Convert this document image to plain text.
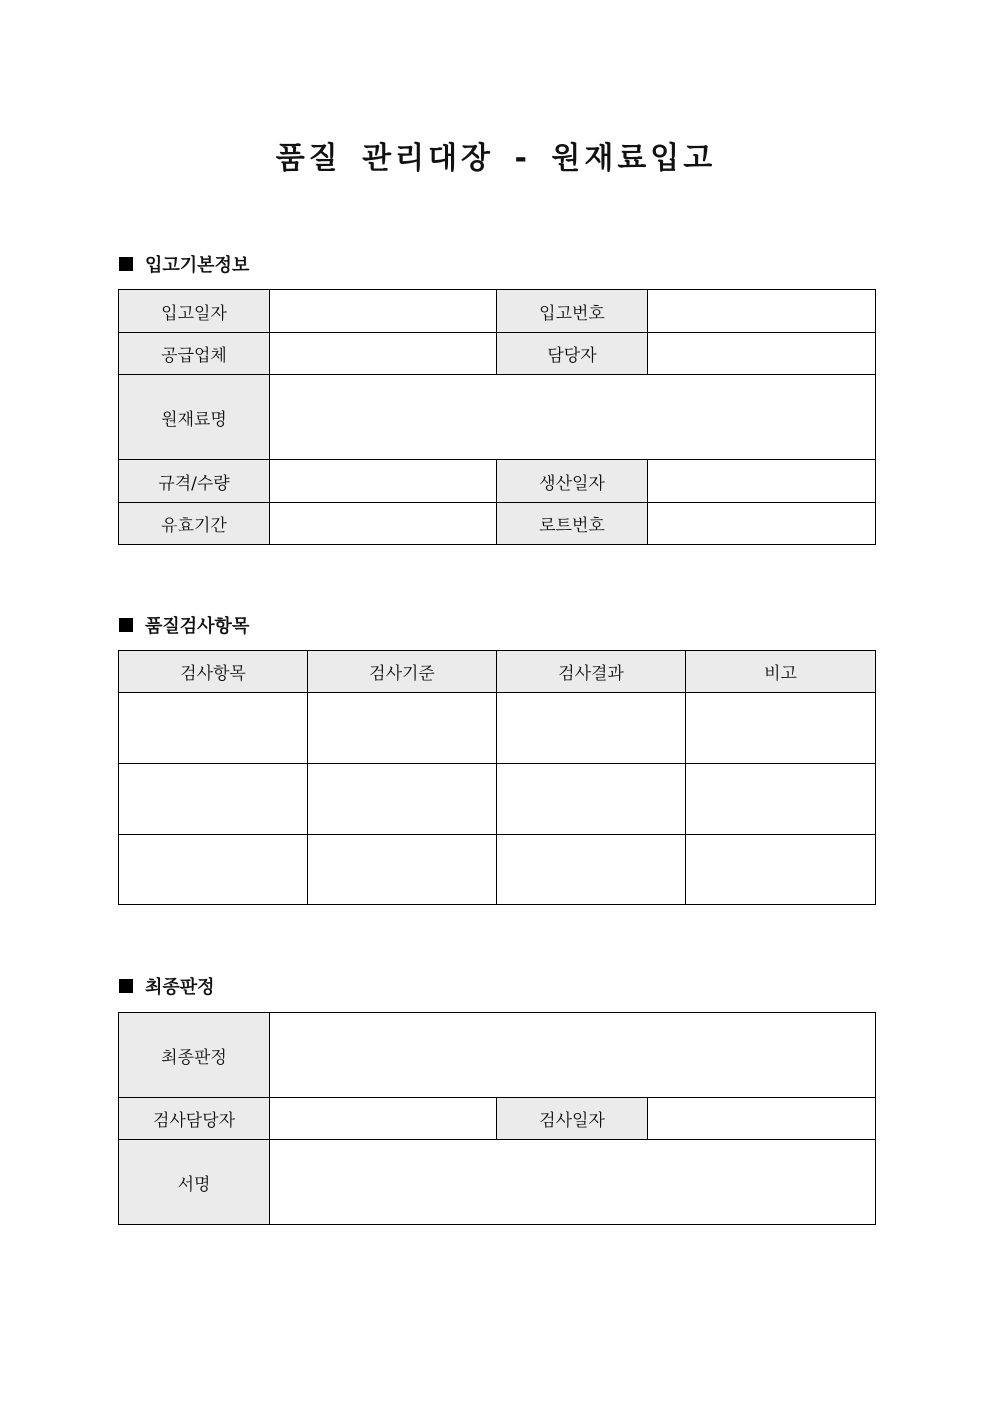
품질 관리대장 - 원재료입고
입고기본정보
입고일자		입고번호	
공급업체		담당자	
원재료명			
규격/수량		생산일자	
유효기간		로트번호	
품질검사항목
검사항목	검사기준	검사결과	비고

최종판정
최종판정			
검사담당자		검사일자	
서명			
